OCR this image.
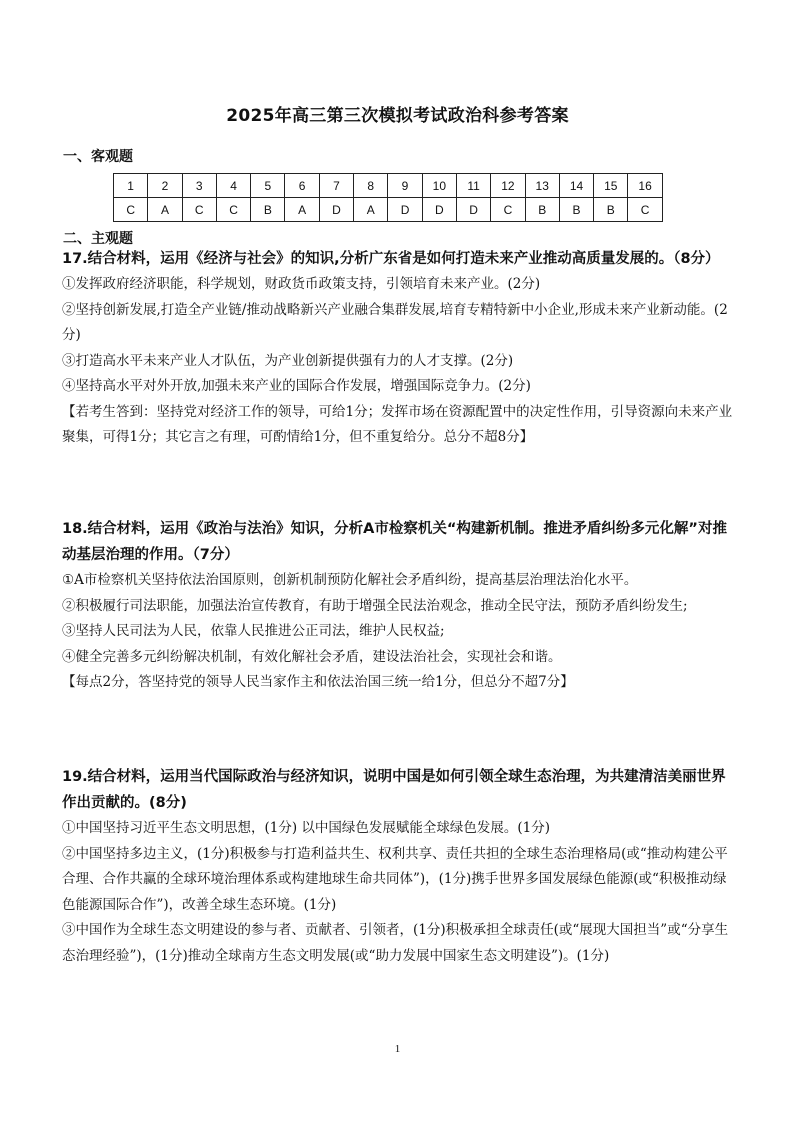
2025年高三第三次模拟考试政治科参考答案
一、客观题
1	2	3	4	5	6	7	8	9	10	11	12	13	14	15	16
C	A	C	C	B	A	D	A	D	D	D	C	B	B	B	C
二、主观题
17.结合材料，运用《经济与社会》的知识,分析广东省是如何打造未来产业推动高质量发展的。（8分）
①发挥政府经济职能，科学规划，财政货币政策支持，引领培育未来产业。(2分)
②坚持创新发展,打造全产业链/推动战略新兴产业融合集群发展,培育专精特新中小企业,形成未来产业新动能。(2分)
③打造高水平未来产业人才队伍，为产业创新提供强有力的人才支撑。(2分)
④坚持高水平对外开放,加强未来产业的国际合作发展，增强国际竞争力。(2分)
【若考生答到：坚持党对经济工作的领导，可给1分；发挥市场在资源配置中的决定性作用，引导资源向未来产业聚集，可得1分；其它言之有理，可酌情给1分，但不重复给分。总分不超8分】
18.结合材料，运用《政治与法治》知识，分析A市检察机关“构建新机制。推进矛盾纠纷多元化解”对推动基层治理的作用。（7分）
①A市检察机关坚持依法治国原则，创新机制预防化解社会矛盾纠纷，提高基层治理法治化水平。
②积极履行司法职能，加强法治宣传教育，有助于增强全民法治观念，推动全民守法，预防矛盾纠纷发生;
③坚持人民司法为人民，依靠人民推进公正司法，维护人民权益;
④健全完善多元纠纷解决机制，有效化解社会矛盾，建设法治社会，实现社会和谐。
【每点2分，答坚持党的领导人民当家作主和依法治国三统一给1分，但总分不超7分】
19.结合材料，运用当代国际政治与经济知识，说明中国是如何引领全球生态治理，为共建清洁美丽世界作出贡献的。(8分)
①中国坚持习近平生态文明思想，(1分) 以中国绿色发展赋能全球绿色发展。(1分)
②中国坚持多边主义，(1分)积极参与打造利益共生、权利共享、责任共担的全球生态治理格局(或“推动构建公平合理、合作共赢的全球环境治理体系或构建地球生命共同体”)，(1分)携手世界多国发展绿色能源(或“积极推动绿色能源国际合作”)，改善全球生态环境。(1分)
③中国作为全球生态文明建设的参与者、贡献者、引领者，(1分)积极承担全球责任(或“展现大国担当”或“分享生态治理经验”)，(1分)推动全球南方生态文明发展(或“助力发展中国家生态文明建设”)。(1分)
1
